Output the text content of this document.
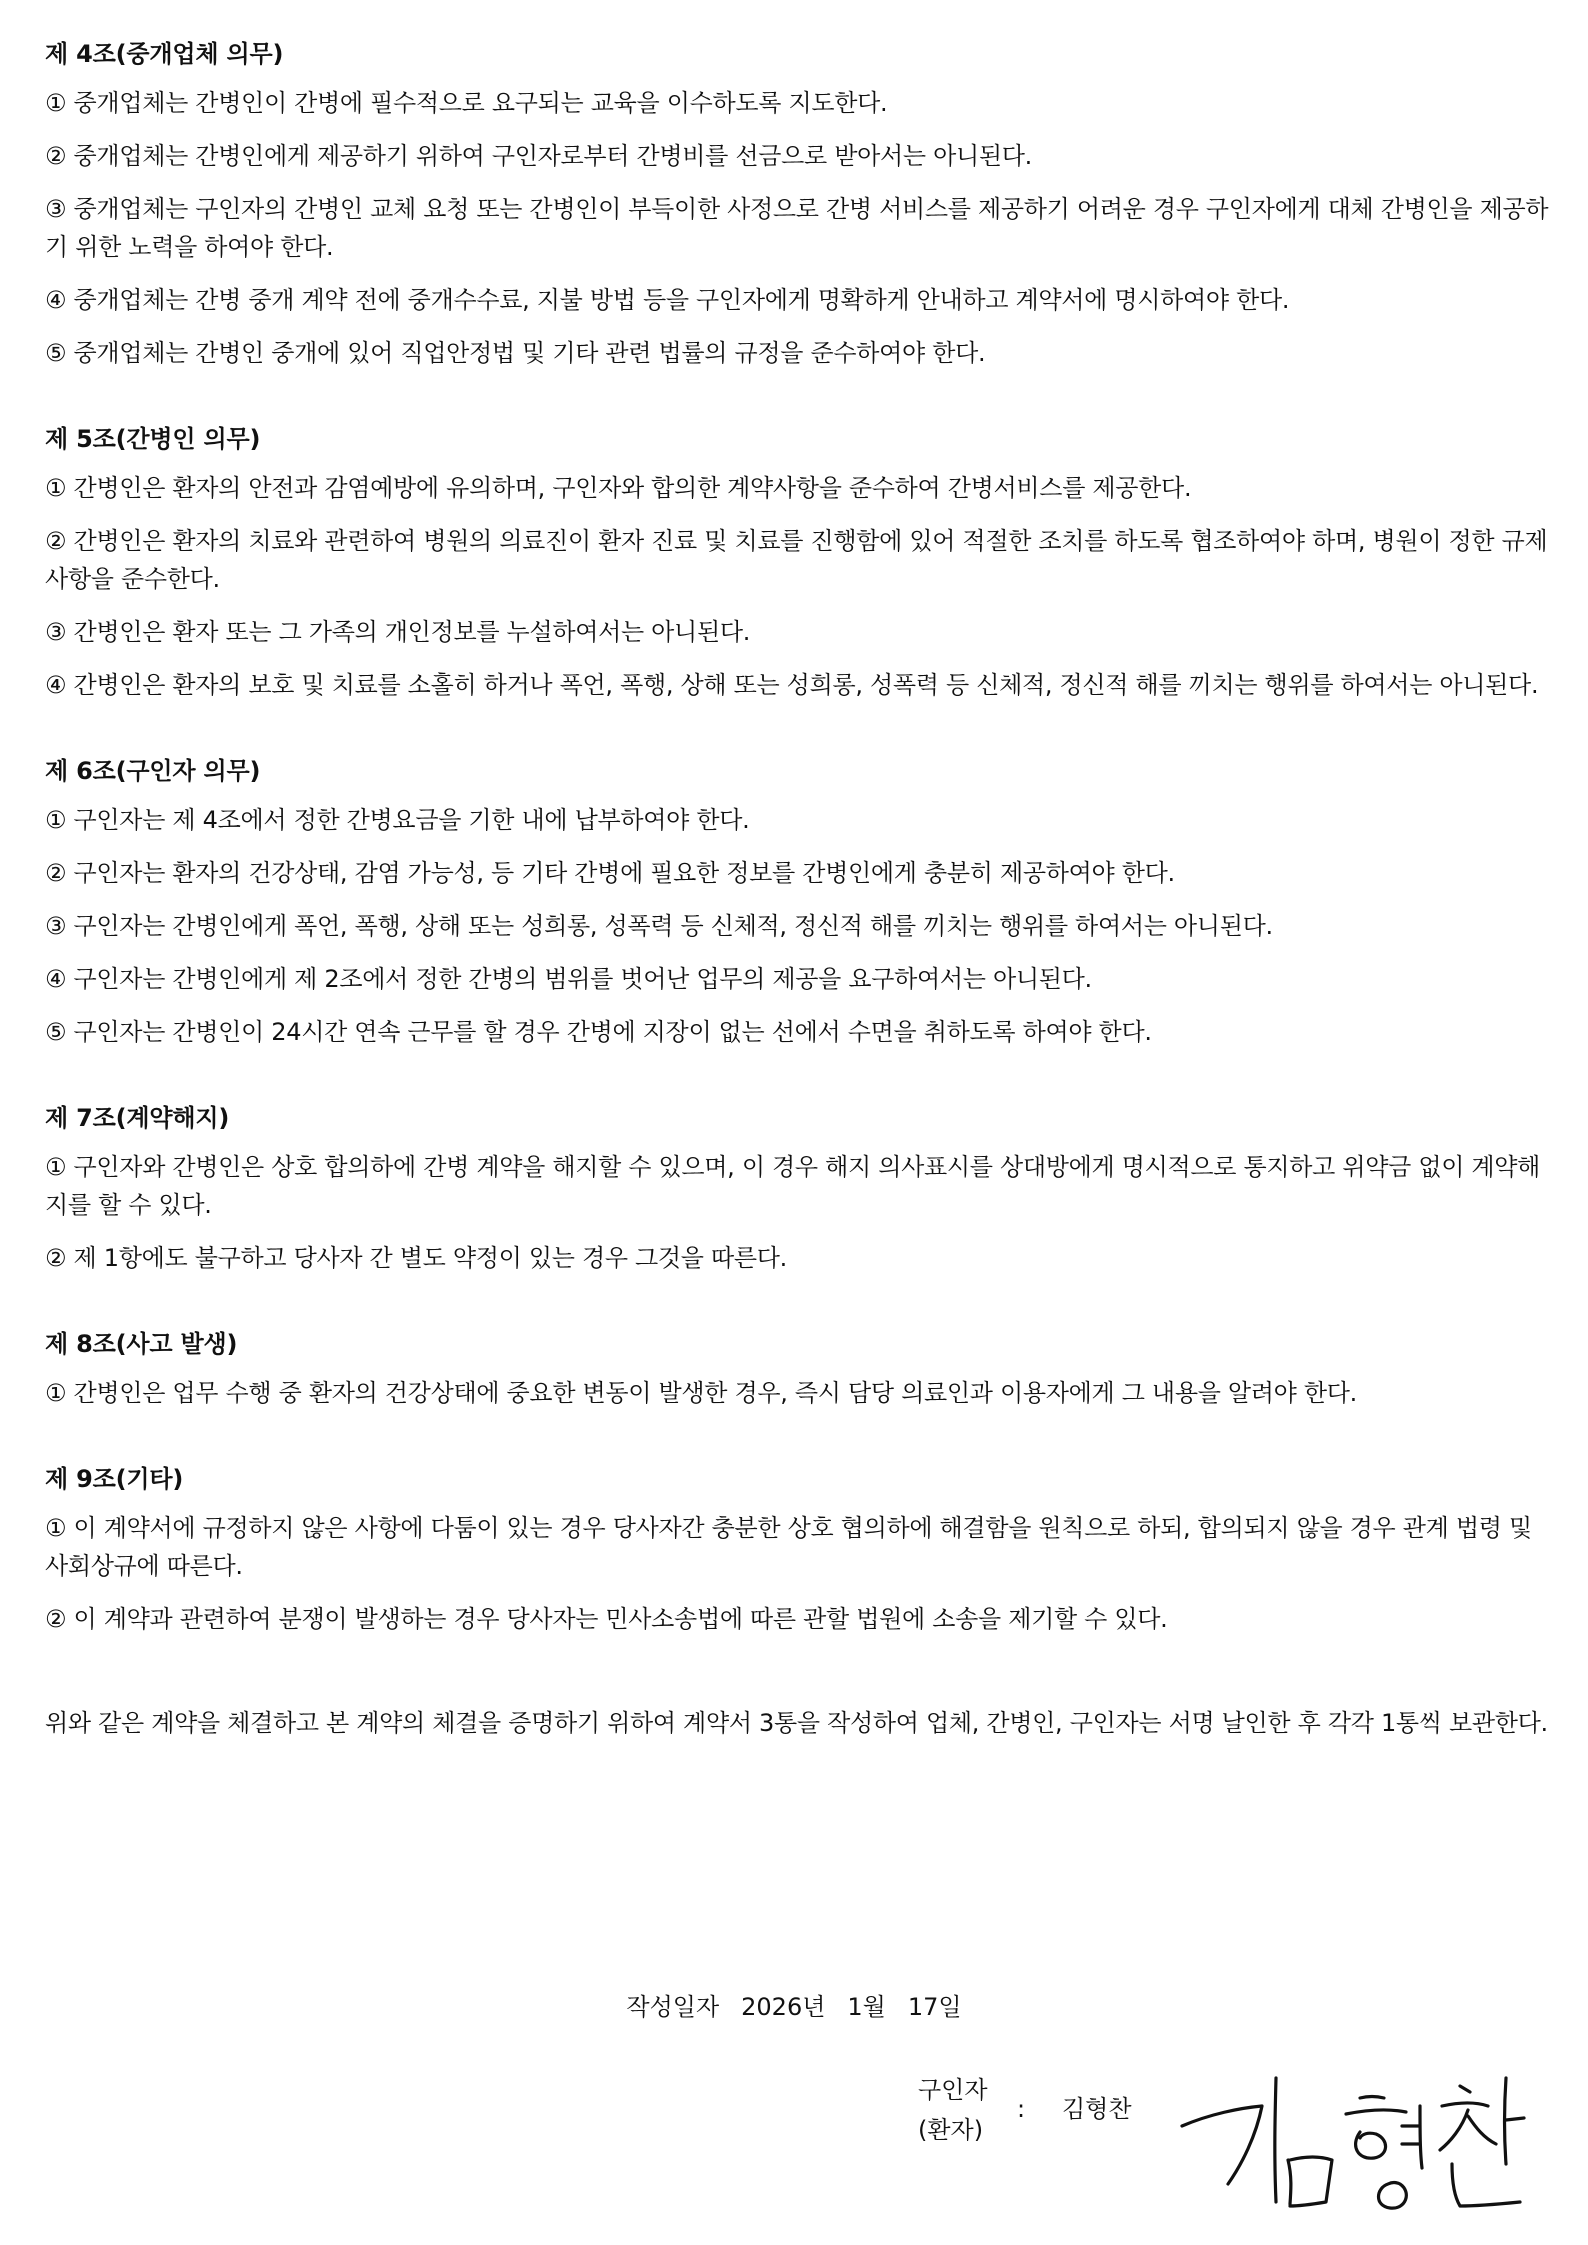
제 4조(중개업체 의무)
① 중개업체는 간병인이 간병에 필수적으로 요구되는 교육을 이수하도록 지도한다.
② 중개업체는 간병인에게 제공하기 위하여 구인자로부터 간병비를 선금으로 받아서는 아니된다.
③ 중개업체는 구인자의 간병인 교체 요청 또는 간병인이 부득이한 사정으로 간병 서비스를 제공하기 어려운 경우 구인자에게 대체 간병인을 제공하기 위한 노력을 하여야 한다.
④ 중개업체는 간병 중개 계약 전에 중개수수료, 지불 방법 등을 구인자에게 명확하게 안내하고 계약서에 명시하여야 한다.
⑤ 중개업체는 간병인 중개에 있어 직업안정법 및 기타 관련 법률의 규정을 준수하여야 한다.
제 5조(간병인 의무)
① 간병인은 환자의 안전과 감염예방에 유의하며, 구인자와 합의한 계약사항을 준수하여 간병서비스를 제공한다.
② 간병인은 환자의 치료와 관련하여 병원의 의료진이 환자 진료 및 치료를 진행함에 있어 적절한 조치를 하도록 협조하여야 하며, 병원이 정한 규제사항을 준수한다.
③ 간병인은 환자 또는 그 가족의 개인정보를 누설하여서는 아니된다.
④ 간병인은 환자의 보호 및 치료를 소홀히 하거나 폭언, 폭행, 상해 또는 성희롱, 성폭력 등 신체적, 정신적 해를 끼치는 행위를 하여서는 아니된다.
제 6조(구인자 의무)
① 구인자는 제 4조에서 정한 간병요금을 기한 내에 납부하여야 한다.
② 구인자는 환자의 건강상태, 감염 가능성, 등 기타 간병에 필요한 정보를 간병인에게 충분히 제공하여야 한다.
③ 구인자는 간병인에게 폭언, 폭행, 상해 또는 성희롱, 성폭력 등 신체적, 정신적 해를 끼치는 행위를 하여서는 아니된다.
④ 구인자는 간병인에게 제 2조에서 정한 간병의 범위를 벗어난 업무의 제공을 요구하여서는 아니된다.
⑤ 구인자는 간병인이 24시간 연속 근무를 할 경우 간병에 지장이 없는 선에서 수면을 취하도록 하여야 한다.
제 7조(계약해지)
① 구인자와 간병인은 상호 합의하에 간병 계약을 해지할 수 있으며, 이 경우 해지 의사표시를 상대방에게 명시적으로 통지하고 위약금 없이 계약해지를 할 수 있다.
② 제 1항에도 불구하고 당사자 간 별도 약정이 있는 경우 그것을 따른다.
제 8조(사고 발생)
① 간병인은 업무 수행 중 환자의 건강상태에 중요한 변동이 발생한 경우, 즉시 담당 의료인과 이용자에게 그 내용을 알려야 한다.
제 9조(기타)
① 이 계약서에 규정하지 않은 사항에 다툼이 있는 경우 당사자간 충분한 상호 협의하에 해결함을 원칙으로 하되, 합의되지 않을 경우 관계 법령 및 사회상규에 따른다.
② 이 계약과 관련하여 분쟁이 발생하는 경우 당사자는 민사소송법에 따른 관할 법원에 소송을 제기할 수 있다.
위와 같은 계약을 체결하고 본 계약의 체결을 증명하기 위하여 계약서 3통을 작성하여 업체, 간병인, 구인자는 서명 날인한 후 각각 1통씩 보관한다.
작성일자 2026년 1월 17일
구인자
(환자)
: 김형찬
